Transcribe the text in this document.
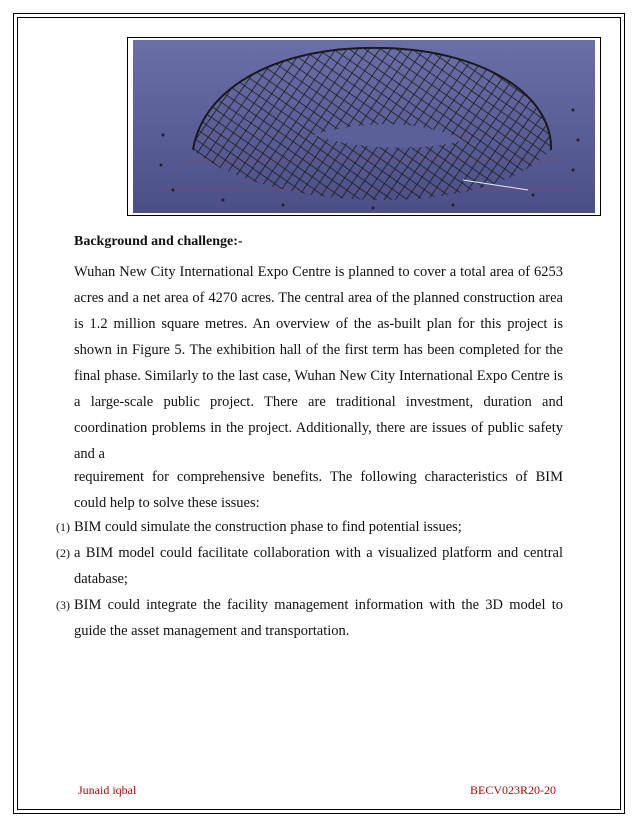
Background and challenge:-
Wuhan New City International Expo Centre is planned to cover a total area of 6253 acres and a net area of 4270 acres. The central area of the planned construction area is 1.2 million square metres. An overview of the as-built plan for this project is shown in Figure 5. The exhibition hall of the first term has been completed for the final phase. Similarly to the last case, Wuhan New City International Expo Centre is a large-scale public project. There are traditional investment, duration and coordination problems in the project. Additionally, there are issues of public safety and a
requirement for comprehensive benefits. The following characteristics of BIM could help to solve these issues:
(1) BIM could simulate the construction phase to find potential issues;
(2) a BIM model could facilitate collaboration with a visualized platform and central database;
(3) BIM could integrate the facility management information with the 3D model to guide the asset management and transportation.
Junaid iqbal	BECV023R20-20
